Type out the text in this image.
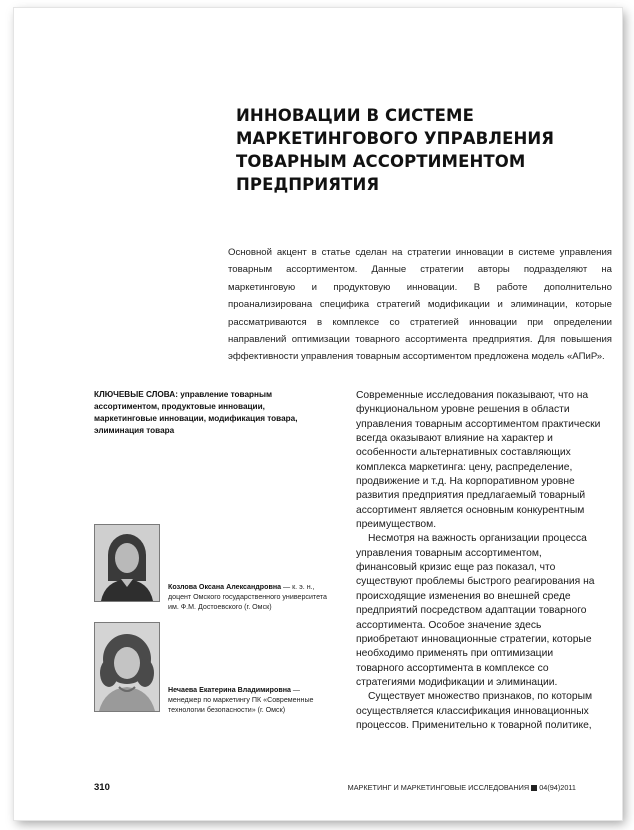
ИННОВАЦИИ В СИСТЕМЕ МАРКЕТИНГОВОГО УПРАВЛЕНИЯ ТОВАРНЫМ АССОРТИМЕНТОМ ПРЕДПРИЯТИЯ

Основной акцент в статье сделан на стратегии инновации в системе управления товарным ассортиментом. Данные стратегии авторы подразделяют на маркетинговую и продуктовую инновации. В работе дополнительно проанализирована специфика стратегий модификации и элиминации, которые рассматриваются в комплексе со стратегией инновации при определении направлений оптимизации товарного ассортимента предприятия. Для повышения эффективности управления товарным ассортиментом предложена модель «АПиР».

КЛЮЧЕВЫЕ СЛОВА: управление товарным ассортиментом, продуктовые инновации, маркетинговые инновации, модификация товара, элиминация товара

Современные исследования показывают, что на функциональном уровне решения в области управления товарным ассортиментом практически всегда оказывают влияние на характер и особенности альтернативных составляющих комплекса маркетинга: цену, распределение, продвижение и т.д. На корпоративном уровне развития предприятия предлагаемый товарный ассортимент является основным конкурентным преимуществом.

Несмотря на важность организации процесса управления товарным ассортиментом, финансовый кризис еще раз показал, что существуют проблемы быстрого реагирования на происходящие изменения во внешней среде предприятий посредством адаптации товарного ассортимента. Особое значение здесь приобретают инновационные стратегии, которые необходимо применять при оптимизации товарного ассортимента в комплексе со стратегиями модификации и элиминации.

Существует множество признаков, по которым осуществляется классификация инновационных процессов. Применительно к товарной политике,

Козлова Оксана Александровна — к. э. н., доцент Омского государственного университета им. Ф.М. Достоевского (г. Омск)

Нечаева Екатерина Владимировна — менеджер по маркетингу ПК «Современные технологии безопасности» (г. Омск)

310	МАРКЕТИНГ И МАРКЕТИНГОВЫЕ ИССЛЕДОВАНИЯ 04(94)2011
